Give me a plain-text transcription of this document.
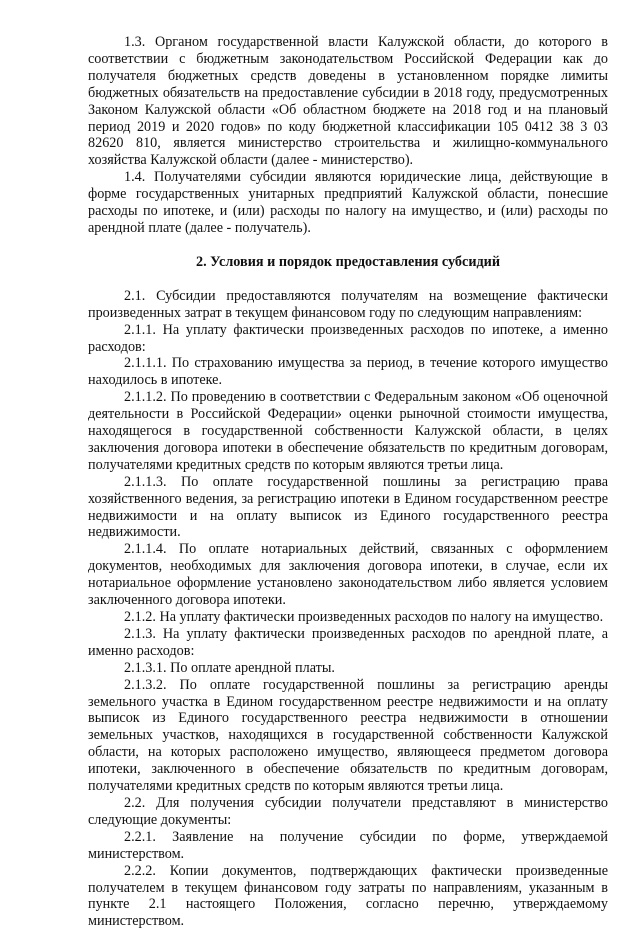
1.3. Органом государственной власти Калужской области, до которого в соответствии с бюджетным законодательством Российской Федерации как до получателя бюджетных средств доведены в установленном порядке лимиты бюджетных обязательств на предоставление субсидии в 2018 году, предусмотренных Законом Калужской области «Об областном бюджете на 2018 год и на плановый период 2019 и 2020 годов» по коду бюджетной классификации 105 0412 38 3 03 82620 810, является министерство строительства и жилищно-коммунального хозяйства Калужской области (далее - министерство).

1.4. Получателями субсидии являются юридические лица, действующие в форме государственных унитарных предприятий Калужской области, понесшие расходы по ипотеке, и (или) расходы по налогу на имущество, и (или) расходы по арендной плате (далее - получатель).

2. Условия и порядок предоставления субсидий

2.1. Субсидии предоставляются получателям на возмещение фактически произведенных затрат в текущем финансовом году по следующим направлениям:

2.1.1. На уплату фактически произведенных расходов по ипотеке, а именно расходов:

2.1.1.1. По страхованию имущества за период, в течение которого имущество находилось в ипотеке.

2.1.1.2. По проведению в соответствии с Федеральным законом «Об оценочной деятельности в Российской Федерации» оценки рыночной стоимости имущества, находящегося в государственной собственности Калужской области, в целях заключения договора ипотеки в обеспечение обязательств по кредитным договорам, получателями кредитных средств по которым являются третьи лица.

2.1.1.3. По оплате государственной пошлины за регистрацию права хозяйственного ведения, за регистрацию ипотеки в Едином государственном реестре недвижимости и на оплату выписок из Единого государственного реестра недвижимости.

2.1.1.4. По оплате нотариальных действий, связанных с оформлением документов, необходимых для заключения договора ипотеки, в случае, если их нотариальное оформление установлено законодательством либо является условием заключенного договора ипотеки.

2.1.2. На уплату фактически произведенных расходов по налогу на имущество.

2.1.3. На уплату фактически произведенных расходов по арендной плате, а именно расходов:

2.1.3.1. По оплате арендной платы.

2.1.3.2. По оплате государственной пошлины за регистрацию аренды земельного участка в Едином государственном реестре недвижимости и на оплату выписок из Единого государственного реестра недвижимости в отношении земельных участков, находящихся в государственной собственности Калужской области, на которых расположено имущество, являющееся предметом договора ипотеки, заключенного в обеспечение обязательств по кредитным договорам, получателями кредитных средств по которым являются третьи лица.

2.2. Для получения субсидии получатели представляют в министерство следующие документы:

2.2.1. Заявление на получение субсидии по форме, утверждаемой министерством.

2.2.2. Копии документов, подтверждающих фактически произведенные получателем в текущем финансовом году затраты по направлениям, указанным в пункте 2.1 настоящего Положения, согласно перечню, утверждаемому министерством.
